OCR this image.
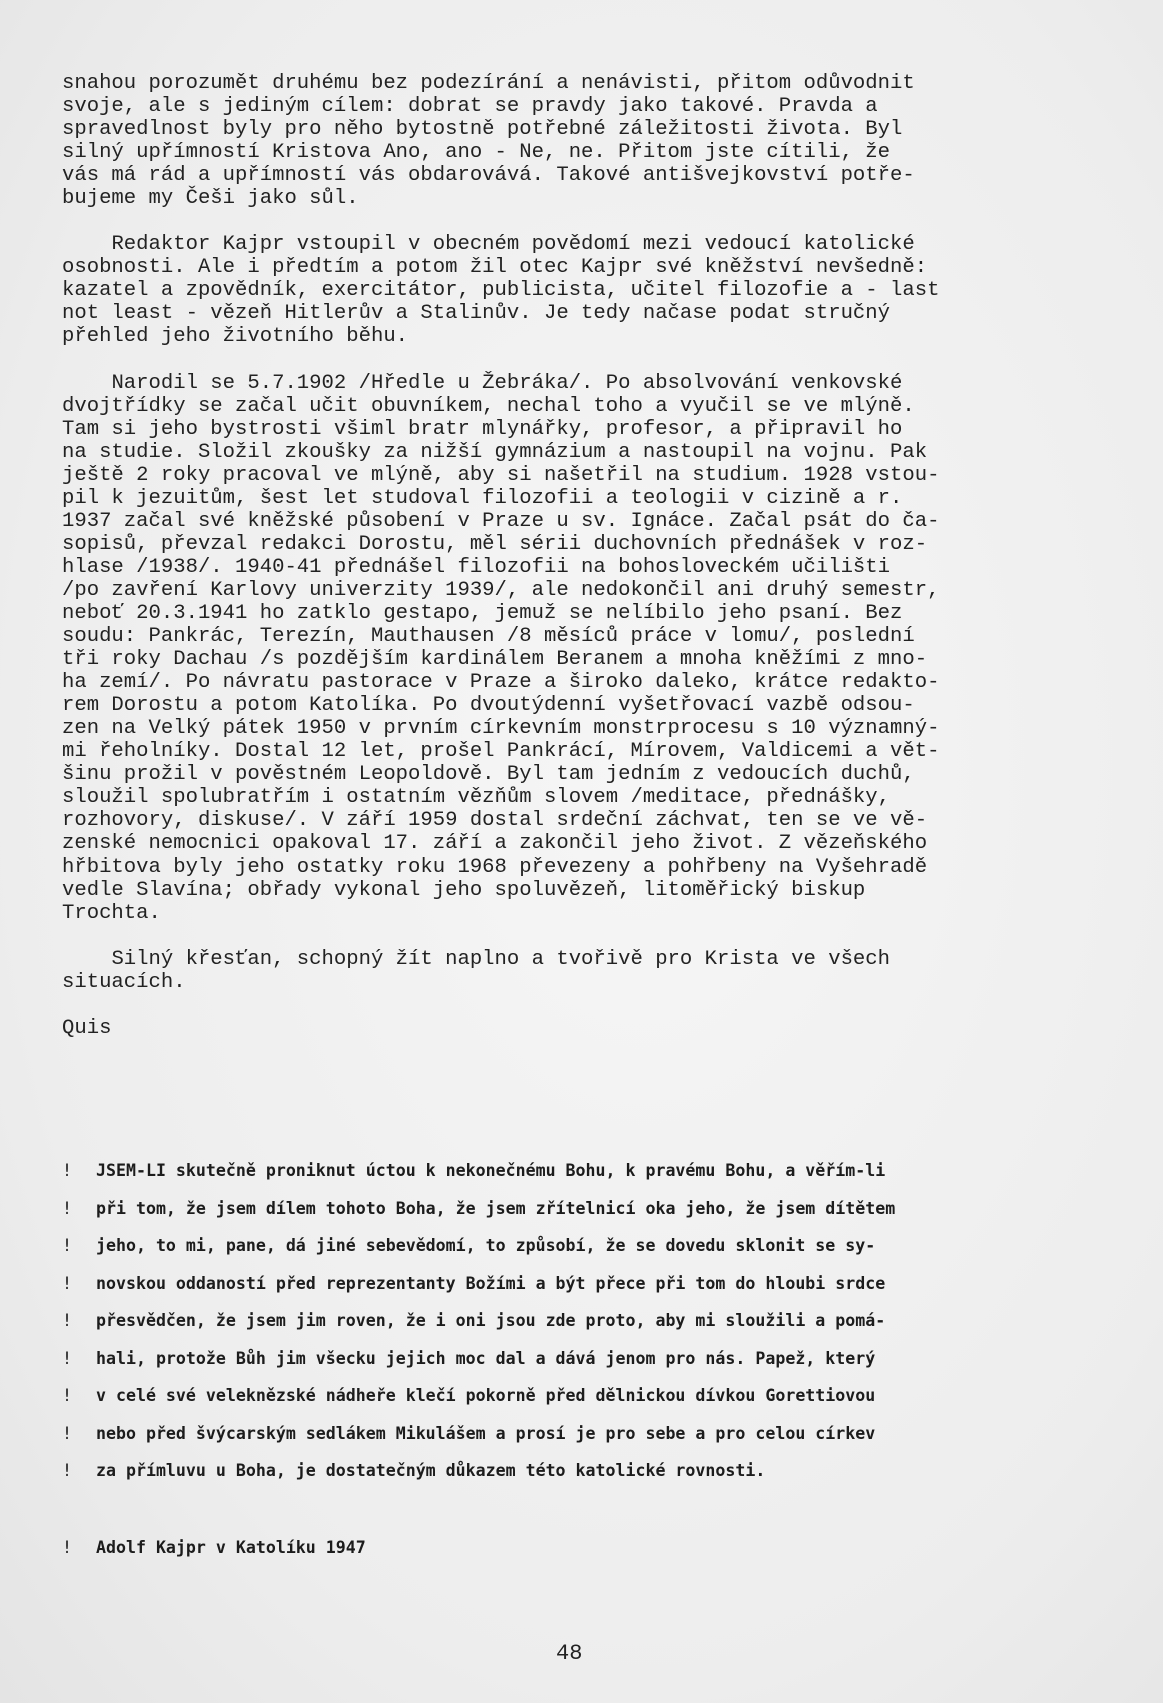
snahou porozumět druhému bez podezírání a nenávisti, přitom odůvodnit
svoje, ale s jediným cílem: dobrat se pravdy jako takové. Pravda a
spravedlnost byly pro něho bytostně potřebné záležitosti života. Byl
silný upřímností Kristova Ano, ano - Ne, ne. Přitom jste cítili, že
vás má rád a upřímností vás obdarovává. Takové antišvejkovství potře-
bujeme my Češi jako sůl.
Redaktor Kajpr vstoupil v obecném povědomí mezi vedoucí katolické
osobnosti. Ale i předtím a potom žil otec Kajpr své kněžství nevšedně:
kazatel a zpovědník, exercitátor, publicista, učitel filozofie a - last
not least - vězeň Hitlerův a Stalinův. Je tedy načase podat stručný
přehled jeho životního běhu.
Narodil se 5.7.1902 /Hředle u Žebráka/. Po absolvování venkovské
dvojtřídky se začal učit obuvníkem, nechal toho a vyučil se ve mlýně.
Tam si jeho bystrosti všiml bratr mlynářky, profesor, a připravil ho
na studie. Složil zkoušky za nižší gymnázium a nastoupil na vojnu. Pak
ještě 2 roky pracoval ve mlýně, aby si našetřil na studium. 1928 vstou-
pil k jezuitům, šest let studoval filozofii a teologii v cizině a r.
1937 začal své kněžské působení v Praze u sv. Ignáce. Začal psát do ča-
sopisů, převzal redakci Dorostu, měl sérii duchovních přednášek v roz-
hlase /1938/. 1940-41 přednášel filozofii na bohosloveckém učilišti
/po zavření Karlovy univerzity 1939/, ale nedokončil ani druhý semestr,
neboť 20.3.1941 ho zatklo gestapo, jemuž se nelíbilo jeho psaní. Bez
soudu: Pankrác, Terezín, Mauthausen /8 měsíců práce v lomu/, poslední
tři roky Dachau /s pozdějším kardinálem Beranem a mnoha kněžími z mno-
ha zemí/. Po návratu pastorace v Praze a široko daleko, krátce redakto-
rem Dorostu a potom Katolíka. Po dvoutýdenní vyšetřovací vazbě odsou-
zen na Velký pátek 1950 v prvním církevním monstrprocesu s 10 významný-
mi řeholníky. Dostal 12 let, prošel Pankrácí, Mírovem, Valdicemi a vět-
šinu prožil v pověstném Leopoldově. Byl tam jedním z vedoucích duchů,
sloužil spolubratřím i ostatním vězňům slovem /meditace, přednášky,
rozhovory, diskuse/. V září 1959 dostal srdeční záchvat, ten se ve vě-
zenské nemocnici opakoval 17. září a zakončil jeho život. Z vězeňského
hřbitova byly jeho ostatky roku 1968 převezeny a pohřbeny na Vyšehradě
vedle Slavína; obřady vykonal jeho spoluvězeň, litoměřický biskup
Trochta.
Silný křesťan, schopný žít naplno a tvořivě pro Krista ve všech
situacích.
Quis
!	JSEM-LI skutečně proniknut úctou k nekonečnému Bohu, k pravému Bohu, a věřím-li
!	při tom, že jsem dílem tohoto Boha, že jsem zřítelnicí oka jeho, že jsem dítětem
!	jeho, to mi, pane, dá jiné sebevědomí, to způsobí, že se dovedu sklonit se sy-
!	novskou oddaností před reprezentanty Božími a být přece při tom do hloubi srdce
!	přesvědčen, že jsem jim roven, že i oni jsou zde proto, aby mi sloužili a pomá-
!	hali, protože Bůh jim všecku jejich moc dal a dává jenom pro nás. Papež, který
!	v celé své veleknězské nádheře klečí pokorně před dělnickou dívkou Gorettiovou
!	nebo před švýcarským sedlákem Mikulášem a prosí je pro sebe a pro celou církev
!	za přímluvu u Boha, je dostatečným důkazem této katolické rovnosti.
! Adolf Kajpr v Katolíku 1947
48
